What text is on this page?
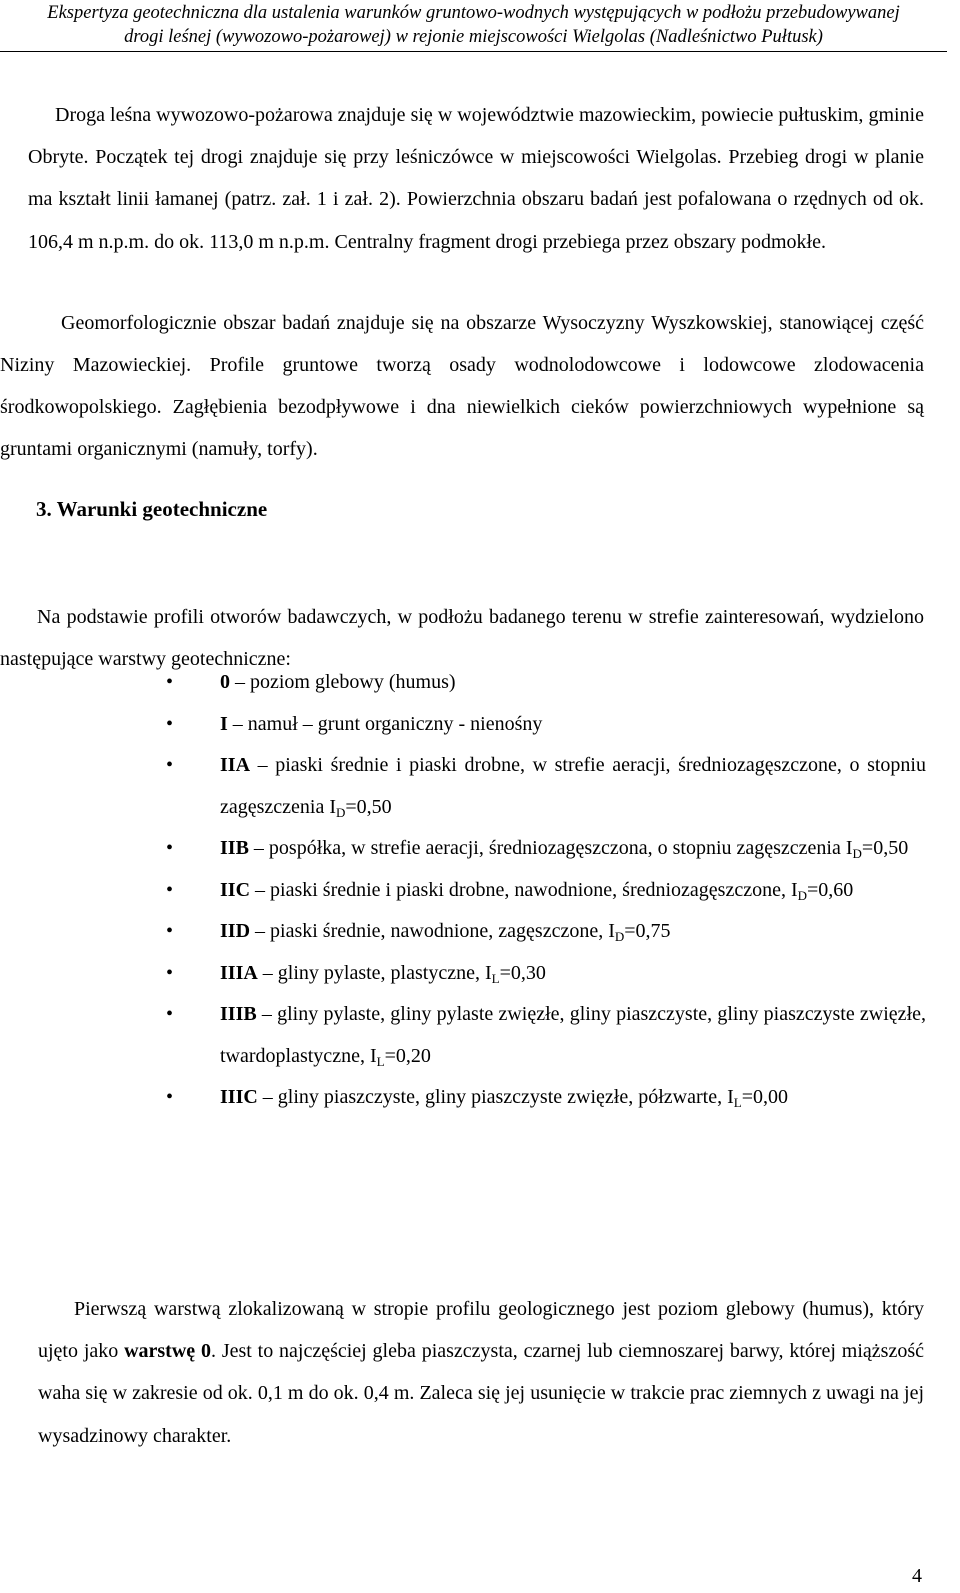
Ekspertyza geotechniczna dla ustalenia warunków gruntowo-wodnych występujących w podłożu przebudowywanej
drogi leśnej (wywozowo-pożarowej) w rejonie miejscowości Wielgolas (Nadleśnictwo Pułtusk)

Droga leśna wywozowo-pożarowa znajduje się w województwie mazowieckim, powiecie pułtuskim, gminie Obryte. Początek tej drogi znajduje się przy leśniczówce w miejscowości Wielgolas. Przebieg drogi w planie ma kształt linii łamanej (patrz. zał. 1 i zał. 2). Powierzchnia obszaru badań jest pofalowana o rzędnych od ok. 106,4 m n.p.m. do ok. 113,0 m n.p.m. Centralny fragment drogi przebiega przez obszary podmokłe.

Geomorfologicznie obszar badań znajduje się na obszarze Wysoczyzny Wyszkowskiej, stanowiącej część Niziny Mazowieckiej. Profile gruntowe tworzą osady wodnolodowcowe i lodowcowe zlodowacenia środkowopolskiego. Zagłębienia bezodpływowe i dna niewielkich cieków powierzchniowych wypełnione są gruntami organicznymi (namuły, torfy).

3. Warunki geotechniczne

Na podstawie profili otworów badawczych, w podłożu badanego terenu w strefie zainteresowań, wydzielono następujące warstwy geotechniczne:

• 0 – poziom glebowy (humus)
• I – namuł – grunt organiczny - nienośny
• IIA – piaski średnie i piaski drobne, w strefie aeracji, średniozagęszczone, o stopniu zagęszczenia $I_D=0,50$
• IIB – pospółka, w strefie aeracji, średniozagęszczona, o stopniu zagęszczenia $I_D=0,50$
• IIC – piaski średnie i piaski drobne, nawodnione, średniozagęszczone, $I_D=0,60$
• IID – piaski średnie, nawodnione, zagęszczone, $I_D=0,75$
• IIIA – gliny pylaste, plastyczne, $I_L=0,30$
• IIIB – gliny pylaste, gliny pylaste zwięzłe, gliny piaszczyste, gliny piaszczyste zwięzłe, twardoplastyczne, $I_L=0,20$
• IIIC – gliny piaszczyste, gliny piaszczyste zwięzłe, półzwarte, $I_L=0,00$

Pierwszą warstwą zlokalizowaną w stropie profilu geologicznego jest poziom glebowy (humus), który ujęto jako warstwę 0. Jest to najczęściej gleba piaszczysta, czarnej lub ciemnoszarej barwy, której miąższość waha się w zakresie od ok. 0,1 m do ok. 0,4 m. Zaleca się jej usunięcie w trakcie prac ziemnych z uwagi na jej wysadzinowy charakter.

4
